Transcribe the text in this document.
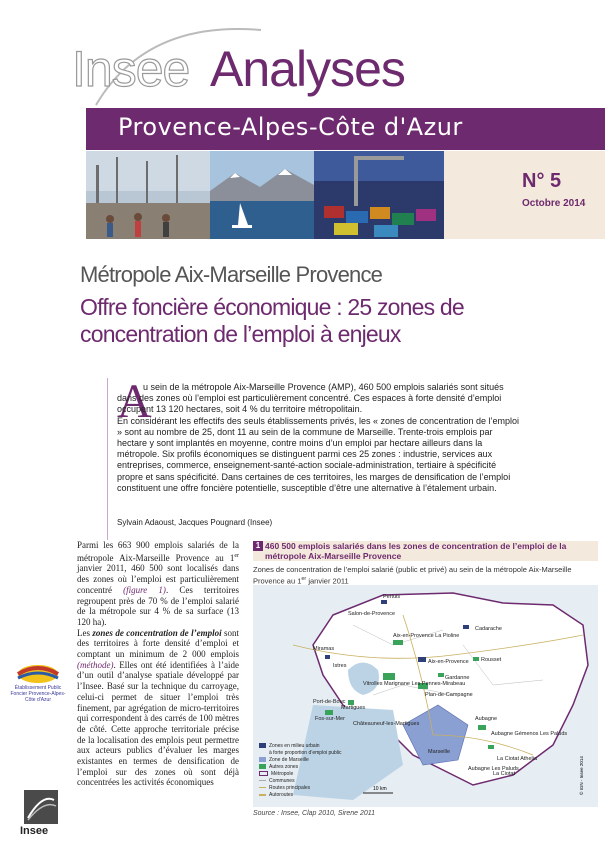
Insee Analyses
Provence-Alpes-Côte d'Azur
N° 5
Octobre 2014
Métropole Aix-Marseille Provence
Offre foncière économique : 25 zones de concentration de l’emploi à enjeux
A

u sein de la métropole Aix-Marseille Provence (AMP), 460 500 emplois salariés sont situés dans des zones où l’emploi est particulièrement concentré. Ces espaces à forte densité d’emploi occupent 13 120 hectares, soit 4 % du territoire métropolitain.

En considérant les effectifs des seuls établissements privés, les « zones de concentration de l’emploi » sont au nombre de 25, dont 11 au sein de la commune de Marseille. Trente-trois emplois par hectare y sont implantés en moyenne, contre moins d’un emploi par hectare ailleurs dans la métropole. Six profils économiques se distinguent parmi ces 25 zones : industrie, services aux entreprises, commerce, enseignement-santé-action sociale-administration, tertiaire à spécificité propre et sans spécificité. Dans certaines de ces territoires, les marges de densification de l’emploi constituent une offre foncière potentielle, susceptible d’être une alternative à l’étalement urbain.

Sylvain Adaoust, Jacques Pougnard (Insee)

Parmi les 663 900 emplois salariés de la métropole Aix-Marseille Provence au 1er janvier 2011, 460 500 sont localisés dans des zones où l’emploi est particulièrement concentré (figure 1). Ces territoires regroupent près de 70 % de l’emploi salarié de la métropole sur 4 % de sa surface (13 120 ha).

Les zones de concentration de l’emploi sont des territoires à forte densité d’emploi et comptant un minimum de 2 000 emplois (méthode). Elles ont été identifiées à l’aide d’un outil d’analyse spatiale développé par l’Insee. Basé sur la technique du carroyage, celui-ci permet de situer l’emploi très finement, par agrégation de micro-territoires qui correspondent à des carrés de 100 mètres de côté. Cette approche territoriale précise de la localisation des emplois peut permettre aux acteurs publics d’évaluer les marges existantes en termes de densification de l’emploi sur des zones où sont déjà concentrées les activités économiques

Établissement Public Foncier Provence-Alpes-Côte d'Azur
Insee
1 460 500 emplois salariés dans les zones de concentration de l’emploi de la métropole Aix-Marseille Provence
Zones de concentration de l’emploi salarié (public et privé) au sein de la métropole Aix-Marseille Provence au 1er janvier 2011
Pertuis
Salon-de-Provence
Cadarache
Miramas
Aix-en-Provence La Pioline
Aix-en-Provence
Istres
Rousset
Vitrolles Marignane Les Pennes-Mirabeau
Gardanne
Plan-de-Campagne
Martigues
Port-de-Bouc
Fos-sur-Mer
Châteauneuf-les-Martigues
Marseille
Aubagne
Aubagne Gémenos Les Paluds
La Ciotat Athelia
La Ciotat
Aubagne Les Paluds
10 km	© IGN - Insee 2014
Zones en milieu urbain
à forte proportion d’emploi public
Zone de Marseille
Autres zones
Métropole
Communes
Routes principales
Autoroutes
Source : Insee, Clap 2010, Sirene 2011
